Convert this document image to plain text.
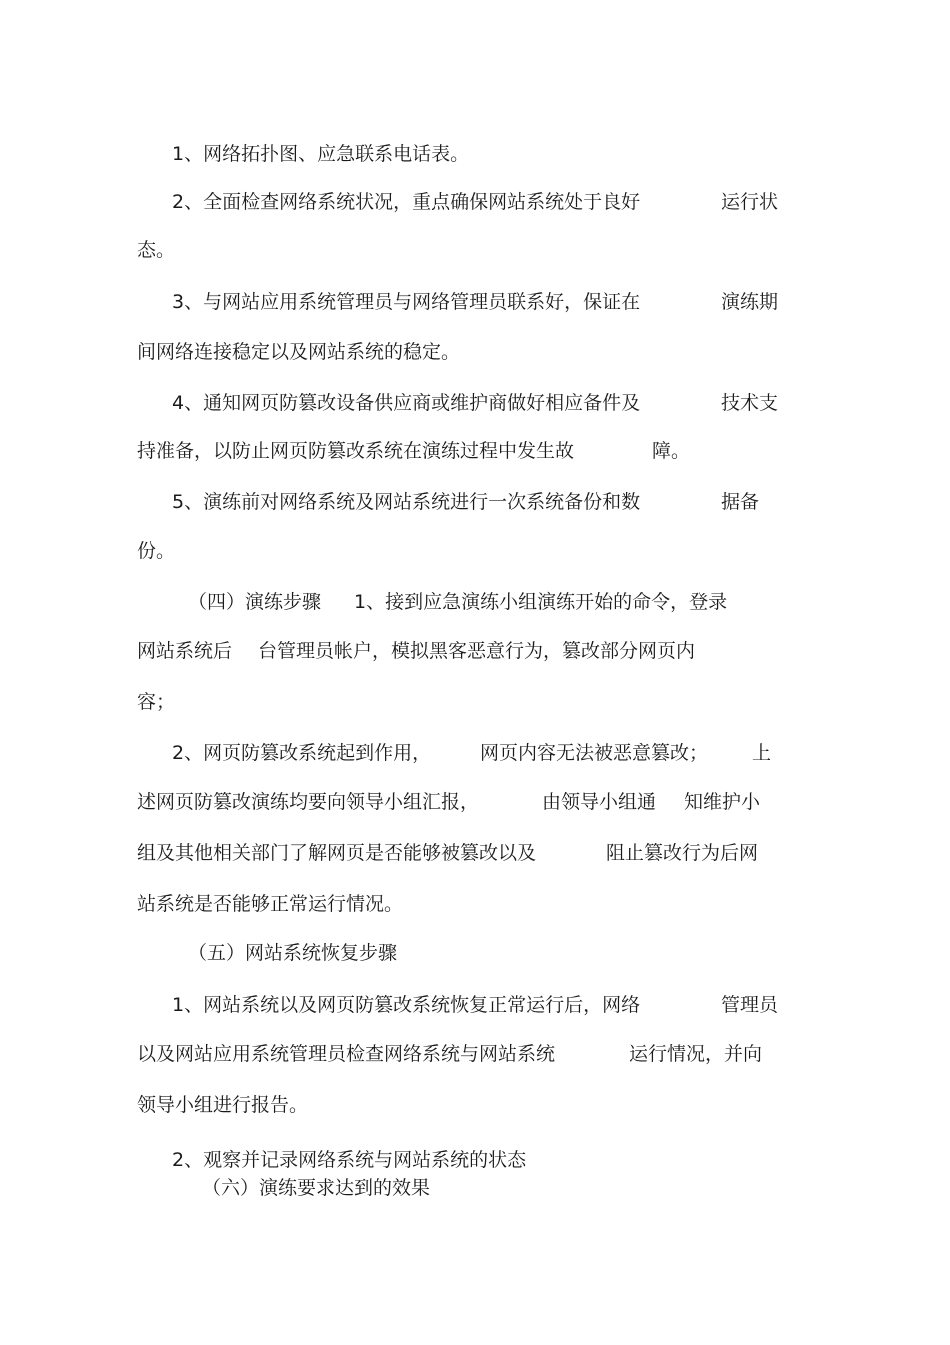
1、网络拓扑图、应急联系电话表。
2、全面检查网络系统状况，重点确保网站系统处于良好	运行状
态。
3、与网站应用系统管理员与网络管理员联系好，保证在	演练期
间网络连接稳定以及网站系统的稳定。
4、通知网页防篡改设备供应商或维护商做好相应备件及	技术支
持准备，以防止网页防篡改系统在演练过程中发生故	障。
5、演练前对网络系统及网站系统进行一次系统备份和数	据备
份。
（四）演练步骤 1、接到应急演练小组演练开始的命令，登录
网站系统后 台管理员帐户，模拟黑客恶意行为，篡改部分网页内
容；
2、网页防篡改系统起到作用，	网页内容无法被恶意篡改； 上
述网页防篡改演练均要向领导小组汇报，	由领导小组通 知维护小
组及其他相关部门了解网页是否能够被篡改以及	阻止篡改行为后网
站系统是否能够正常运行情况。
（五）网站系统恢复步骤
1、网站系统以及网页防篡改系统恢复正常运行后，网络	管理员
以及网站应用系统管理员检查网络系统与网站系统	运行情况，并向
领导小组进行报告。
2、观察并记录网络系统与网站系统的状态
（六）演练要求达到的效果
